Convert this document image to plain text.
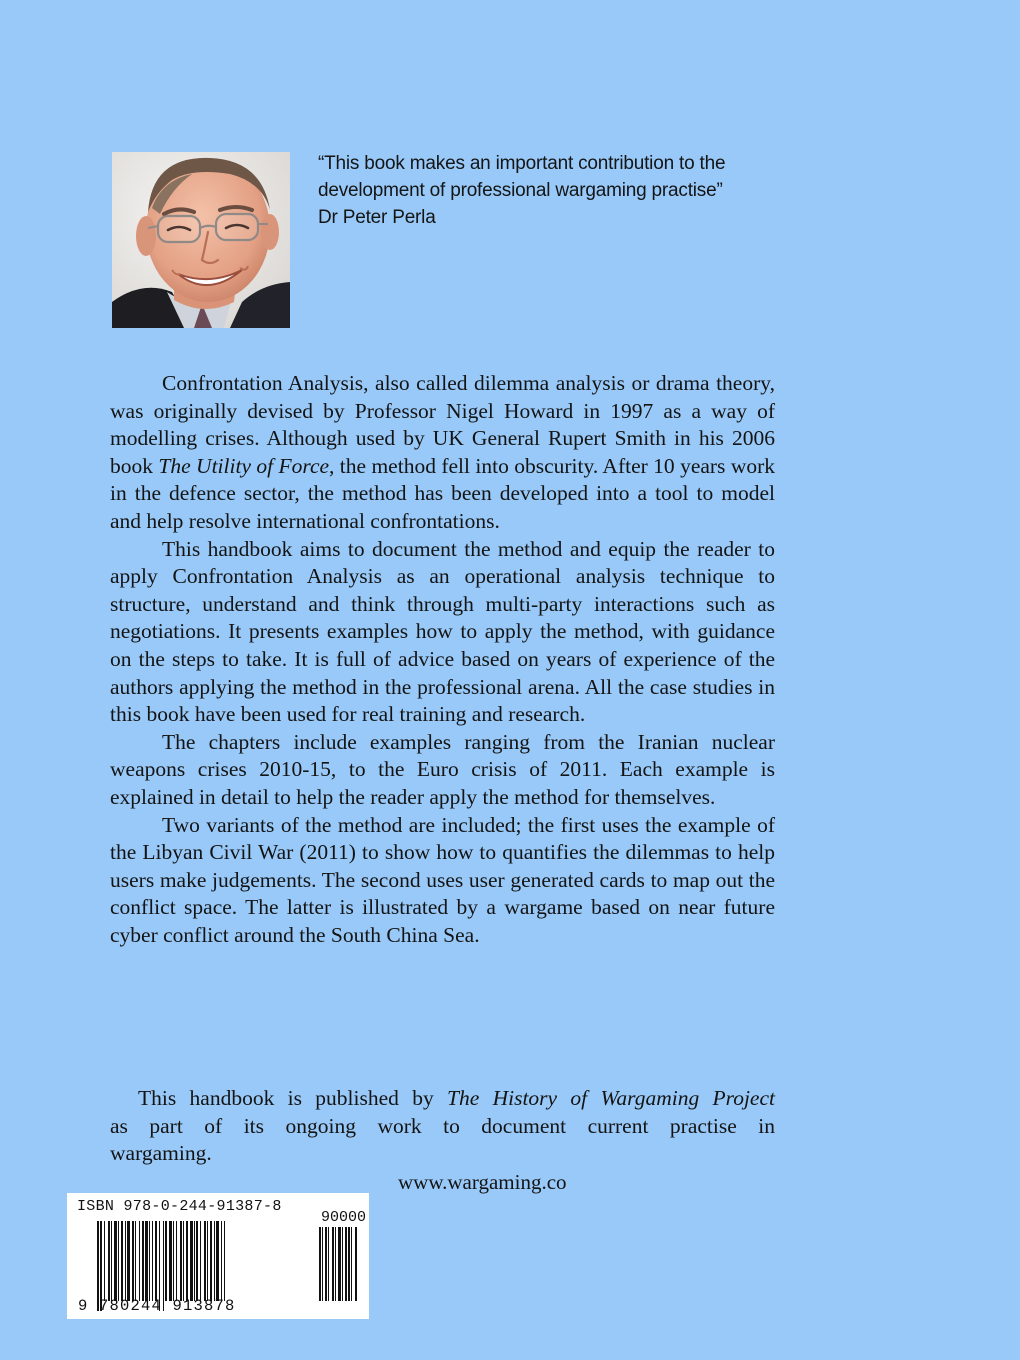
“This book makes an important contribution to the
development of professional wargaming practise”
Dr Peter Perla

Confrontation Analysis, also called dilemma analysis or drama theory, was originally devised by Professor Nigel Howard in 1997 as a way of modelling crises. Although used by UK General Rupert Smith in his 2006 book The Utility of Force, the method fell into obscurity. After 10 years work in the defence sector, the method has been developed into a tool to model and help resolve international confrontations.

This handbook aims to document the method and equip the reader to apply Confrontation Analysis as an operational analysis technique to structure, understand and think through multi-party interactions such as negotiations. It presents examples how to apply the method, with guidance on the steps to take. It is full of advice based on years of experience of the authors applying the method in the professional arena. All the case studies in this book have been used for real training and research.

The chapters include examples ranging from the Iranian nuclear weapons crises 2010-15, to the Euro crisis of 2011. Each example is explained in detail to help the reader apply the method for themselves.

Two variants of the method are included; the first uses the example of the Libyan Civil War (2011) to show how to quantifies the dilemmas to help users make judgements. The second uses user generated cards to map out the conflict space. The latter is illustrated by a wargame based on near future cyber conflict around the South China Sea.

This handbook is published by The History of Wargaming Project
as part of its ongoing work to document current practise in
wargaming.
www.wargaming.co
ISBN 978-0-244-91387-8
90000
9 780244 913878
